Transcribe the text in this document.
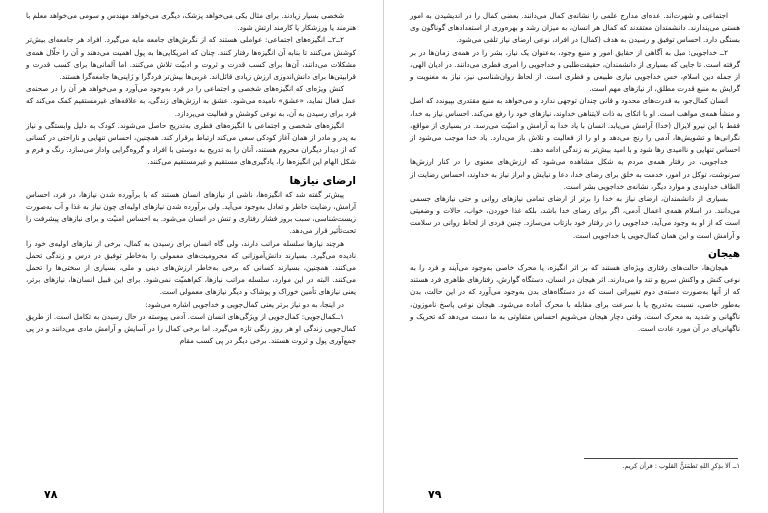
شخصی بسیار زیادند. برای مثال یکی می‌خواهد پزشک، دیگری می‌خواهد مهندس و سومی می‌خواهد معلم با هنرمند یا ورزشکار یا کارمند ارتش شود.

۲ــ۲ــ انگیزه‌های اجتماعی: عواملی هستند که از نگرش‌های جامعه مایه می‌گیرد. افراد هر جامعه‌ای بیش‌تر کوشش می‌کنند تا بنابه آن انگیزه‌ها رفتار کنند. چنان که امریکایی‌ها به پول اهمیت می‌دهند و آن را حلّال همه‌ی مشکلات می‌دانند، آن‌ها برای کسب قدرت و ثروت و ادبیّت تلاش می‌کنند. اما آلمانی‌ها برای کسب قدرت و قرابیتی‌ها برای دانش‌اندوزی ارزش زیادی قائل‌اند. غربی‌ها بیش‌تر فردگرا و ژاپنی‌ها جامعه‌گرا هستند.

کنش ویژه‌ای که انگیزه‌های شخصی و اجتماعی را در فرد به‌وجود می‌آورد و می‌خواهد هر آن را در صحنه‌ی عمل فعال نماید، «عشق» نامیده می‌شود. عشق به ارزش‌های زندگی، به علاقه‌های غیرمستقیم کمک می‌کند که فرد برای رسیدن به آن، به نوعی کوشش و فعالیت می‌پردازد.

انگیزه‌های شخصی و اجتماعی با انگیزه‌های فطری به‌تدریج حاصل می‌شوند. کودک به دلیل وابستگی و نیاز به پدر و مادر از همان آغاز کودکی سعی می‌کند ارتباط برقرار کند. همچنین، احساس تنهایی و ناراحتی در کسانی که از دیدار دیگران محروم هستند، آنان را به تدریج به دوستی با افراد و گروه‌گرایی وادار می‌سازد. رنگ و فرم و شکل الهام این انگیزه‌ها را، یادگیری‌های مستقیم و غیرمستقیم می‌کنند.

ارضای نیازها

پیش‌تر گفته شد که انگیزه‌ها، ناشی از نیازهای انسان هستند که با برآورده شدن نیازها، در فرد، احساس آرامش، رضایت خاطر و تعادل به‌وجود می‌آید. ولی برآورده شدن نیازهای اولیه‌ای چون نیاز به غذا و آب به‌صورت زیست‌شناسی، سبب بروز فشار رفتاری و تنش در انسان می‌شود. به احساس امنیّت و برای نیازهای پیشرفت را تحت‌تأثیر قرار می‌دهد.

هرچند نیازها سلسله مراتب دارند، ولی گاه انسان برای رسیدن به کمال، برخی از نیازهای اولیه‌ی خود را نادیده می‌گیرد. بسیارند دانش‌آموزانی که محرومیت‌های معمولی را به‌خاطر توفیق در درس و زندگی تحمل می‌کنند. همچنین، بسیارند کسانی که برخی به‌خاطر ارزش‌های دینی و ملی، بسیاری از سختی‌ها را تحمل می‌کنند. البته در این موارد، سلسله مراتب نیازها، کم‌اهمیّت نمی‌شود. برای این قبیل انسان‌ها، نیازهای برتر، یعنی نیازهای تأمین خوراک و پوشاک و دیگر نیازهای معمولی است.

در اینجا، به دو نیاز برتر یعنی کمال‌جویی و خداجویی اشاره می‌شود:

۱ــکمال‌جویی: کمال‌جویی از ویژگی‌های انسان است. آدمی پیوسته در حال رسیدن به تکامل است. از طریق کمال‌جویی زندگی او هر روز رنگی تازه می‌گیرد. اما برخی کمال را در آسایش و آرامش مادی می‌دانند و در پی جمع‌آوری پول و ثروت هستند. برخی دیگر در پی کسب مقام

۷۸

اجتماعی و شهرت‌اند. عده‌ای مدارج علمی را نشانه‌ی کمال می‌دانند. بعضی کمال را در اندیشیدن به امور هستی می‌پندارند. دانشمندان معتقدند که کمال هر انسان، به میزان رشد و بهره‌وری از استعدادهای گوناگون وی بستگی دارد. احساس توفیق و رسیدن به هدف (کمال) در افراد، نوعی ارضای نیاز تلقی می‌شود.

۲ــ خداجویی: میل به آگاهی از حقایق امور و منبع وجود، به‌عنوان یک نیاز، بشر را در همه‌ی زمان‌ها در بر گرفته است. تا جایی که بسیاری از دانشمندان، حقیقت‌طلبی و خداجویی را امری فطری می‌دانند. در ادیان الهی، از جمله دین اسلام، حس خداجویی نیازی طبیعی و فطری است. از لحاظ روان‌شناسی نیز، نیاز به معنویت و گرایش به منبع قدرت مطلق، از نیازهای مهم است.

انسان کمال‌جو، به قدرت‌های محدود و فانی چندان توجهی ندارد و می‌خواهد به منبع مقتدری بپیوندد که اصل و منشأ همه‌ی مواهب است. او با اتکای به ذات لایتناهی خداوند، نیازهای خود را رفع می‌کند. احساس نیاز به خدا، فقط با این نیرو لایزال (خدا) آرامش می‌یابد. انسان با یاد خدا به آرامش و امنیّت می‌رسد. در بسیاری از مواقع، نگرانی‌ها و تشویش‌ها، آدمی را رنج می‌دهد و او را از فعالیت و تلاش باز می‌دارد. یاد خدا موجب می‌شود از احساس تنهایی و ناامیدی رها شود و با امید بیش‌تر به زندگی ادامه دهد.

خداجویی، در رفتار همه‌ی مردم به شکل مشاهده می‌شود که ارزش‌های معنوی را در کنار ارزش‌ها سرنوشت، توکل در امور، خدمت به خلق برای رضای خدا، دعا و نیایش و ابراز نیاز به خداوند، احساس رضایت از الطاف خداوندی و موارد دیگر، نشانه‌ی خداجویی بشر است.

بسیاری از دانشمندان، ارضای نیاز به خدا را برتر از ارضای تمامی نیازهای روانی و حتی نیازهای جسمی می‌دانند. در اسلام همه‌ی اعمال آدمی، اگر برای رضای خدا باشد، بلکه غذا خوردن، خواب، حالات و وضعیتی است که از او به وجود می‌آید، خداجویی را در رفتار خود بازتاب می‌سازد. چنین فردی از لحاظ روانی در سلامت و آرامش است و این همان کمال‌جویی یا خداجویی است.

هیجان

هیجان‌ها، حالت‌های رفتاری ویژه‌ای هستند که بر اثر انگیزه، یا محرک خاصی به‌وجود می‌آیند و فرد را به نوعی کنش و واکنش سریع و تند وا می‌دارند. اثر هیجان در انسان، دستگاه گوارش، رفتارهای ظاهری فرد هستند که از آنها به‌صورت دسته‌ی دوم تغییراتی است که در دستگاه‌های بدن به‌وجود می‌آورد که در این حالت، بدن به‌طور خاصی، نسبت به‌تدریج یا با سرعت برای مقابله با محرک آماده می‌شود. هیجان نوعی پاسخ ناموزون، ناگهانی و شدید به محرک است. وقتی دچار هیجان می‌شویم احساس متفاوتی به ما دست می‌دهد که تحریک و ناگهانی‌ای در آن مورد عادت است.

۱ــ اَلا بذِکرِ اللهِ تَطمَئنُّ القلوب : قرآن کریم.
۷۹
